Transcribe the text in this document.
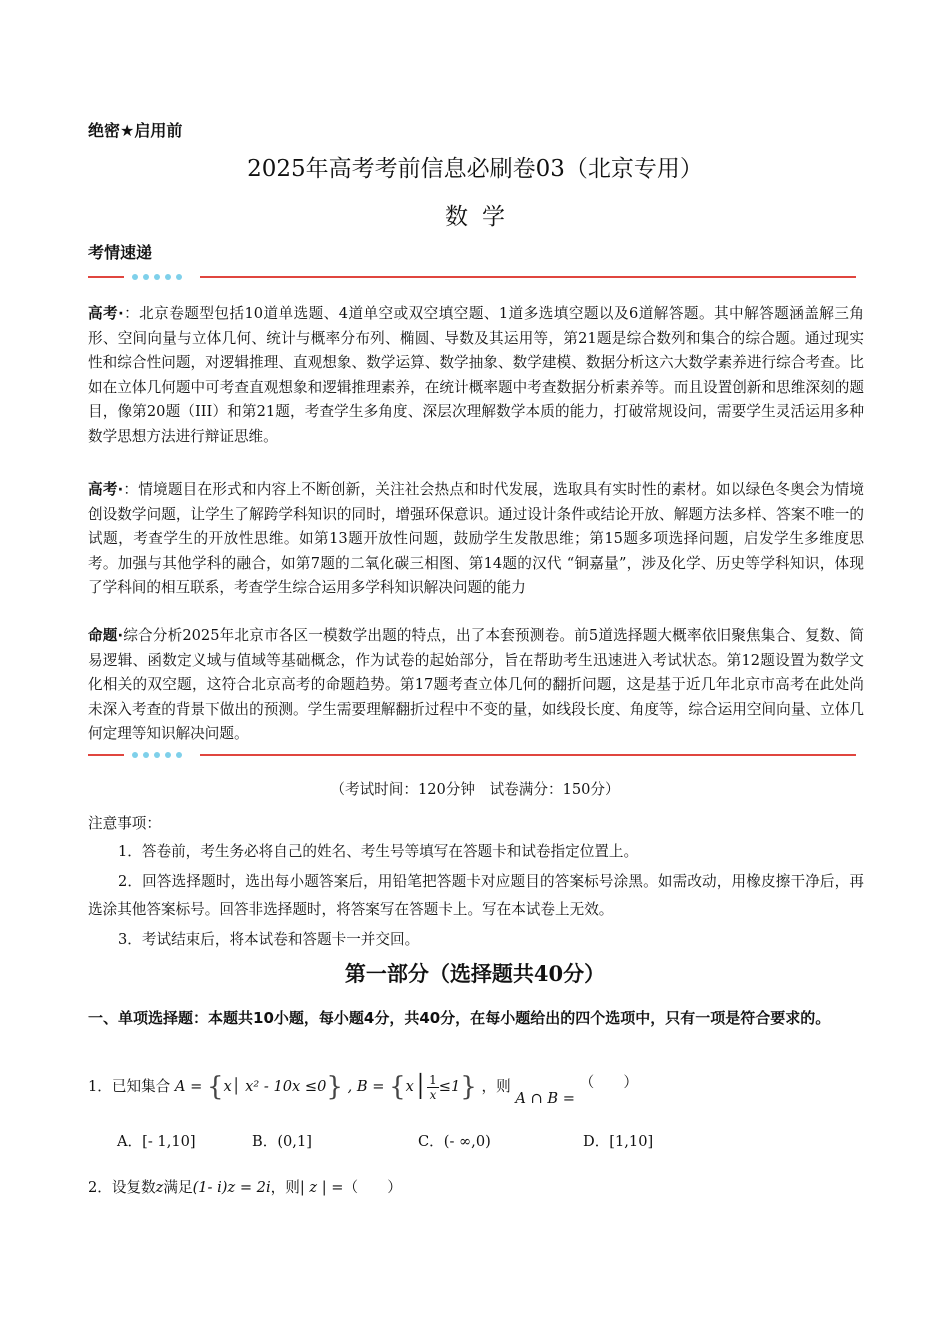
绝密★启用前
2025年高考考前信息必刷卷03（北京专用）
数学
考情速递
高考·：北京卷题型包括10道单选题、4道单空或双空填空题、1道多选填空题以及6道解答题。其中解答题涵盖解三角形、空间向量与立体几何、统计与概率分布列、椭圆、导数及其运用等，第21题是综合数列和集合的综合题。通过现实性和综合性问题，对逻辑推理、直观想象、数学运算、数学抽象、数学建模、数据分析这六大数学素养进行综合考查。比如在立体几何题中可考查直观想象和逻辑推理素养，在统计概率题中考查数据分析素养等。而且设置创新和思维深刻的题目，像第20题（III）和第21题，考查学生多角度、深层次理解数学本质的能力，打破常规设问，需要学生灵活运用多种数学思想方法进行辩证思维。
高考·：情境题目在形式和内容上不断创新，关注社会热点和时代发展，选取具有实时性的素材。如以绿色冬奥会为情境创设数学问题，让学生了解跨学科知识的同时，增强环保意识。通过设计条件或结论开放、解题方法多样、答案不唯一的试题，考查学生的开放性思维。如第13题开放性问题，鼓励学生发散思维；第15题多项选择问题，启发学生多维度思考。加强与其他学科的融合，如第7题的二氧化碳三相图、第14题的汉代 “铜嘉量”，涉及化学、历史等学科知识，体现了学科间的相互联系，考查学生综合运用多学科知识解决问题的能力
命题·综合分析2025年北京市各区一模数学出题的特点，出了本套预测卷。前5道选择题大概率依旧聚焦集合、复数、简易逻辑、函数定义域与值域等基础概念，作为试卷的起始部分，旨在帮助考生迅速进入考试状态。第12题设置为数学文化相关的双空题，这符合北京高考的命题趋势。第17题考查立体几何的翻折问题，这是基于近几年北京市高考在此处尚未深入考查的背景下做出的预测。学生需要理解翻折过程中不变的量，如线段长度、角度等，综合运用空间向量、立体几何定理等知识解决问题。
（考试时间：120分钟　试卷满分：150分）
注意事项：
1．答卷前，考生务必将自己的姓名、考生号等填写在答题卡和试卷指定位置上。
2．回答选择题时，选出每小题答案后，用铅笔把答题卡对应题目的答案标号涂黑。如需改动，用橡皮擦干净后，再选涂其他答案标号。回答非选择题时，将答案写在答题卡上。写在本试卷上无效。
3．考试结束后，将本试卷和答题卡一并交回。
第一部分（选择题共40分）
一、单项选择题：本题共10小题，每小题4分，共40分，在每小题给出的四个选项中，只有一项是符合要求的。
1．已知集合 A = {x│ x² - 10x ≤0} , B = {x│ $\frac{1}{x}\le 1$} ，则 A ∩ B = （　　）
A．[- 1,10]	B．(0,1]	C．(- ∞,0)	D．[1,10]
2．设复数z满足(1- i)z = 2i，则| z | =（　　）
